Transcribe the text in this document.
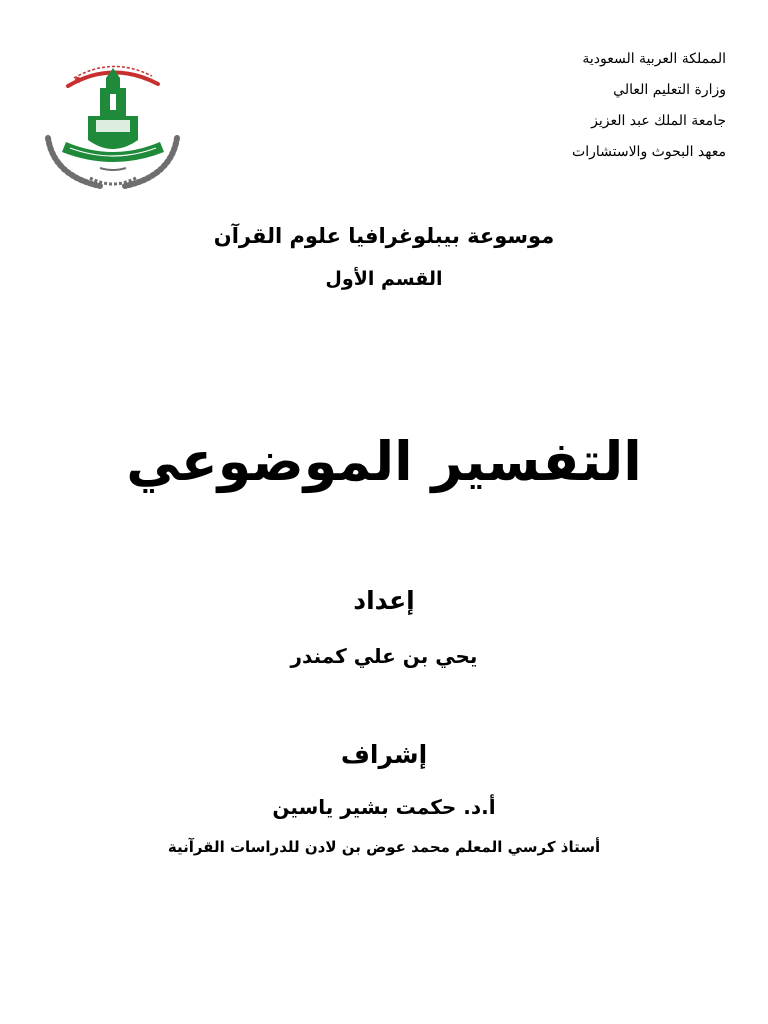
المملكة العربية السعودية
وزارة التعليم العالي
جامعة الملك عبد العزيز
معهد البحوث والاستشارات
موسوعة بيبلوغرافيا علوم القرآن
القسم الأول
التفسير الموضوعي
إعداد
يحي بن علي كمندر
إشراف
أ.د. حكمت بشير ياسين
أستاذ كرسي المعلم محمد عوض بن لادن للدراسات القرآنية
